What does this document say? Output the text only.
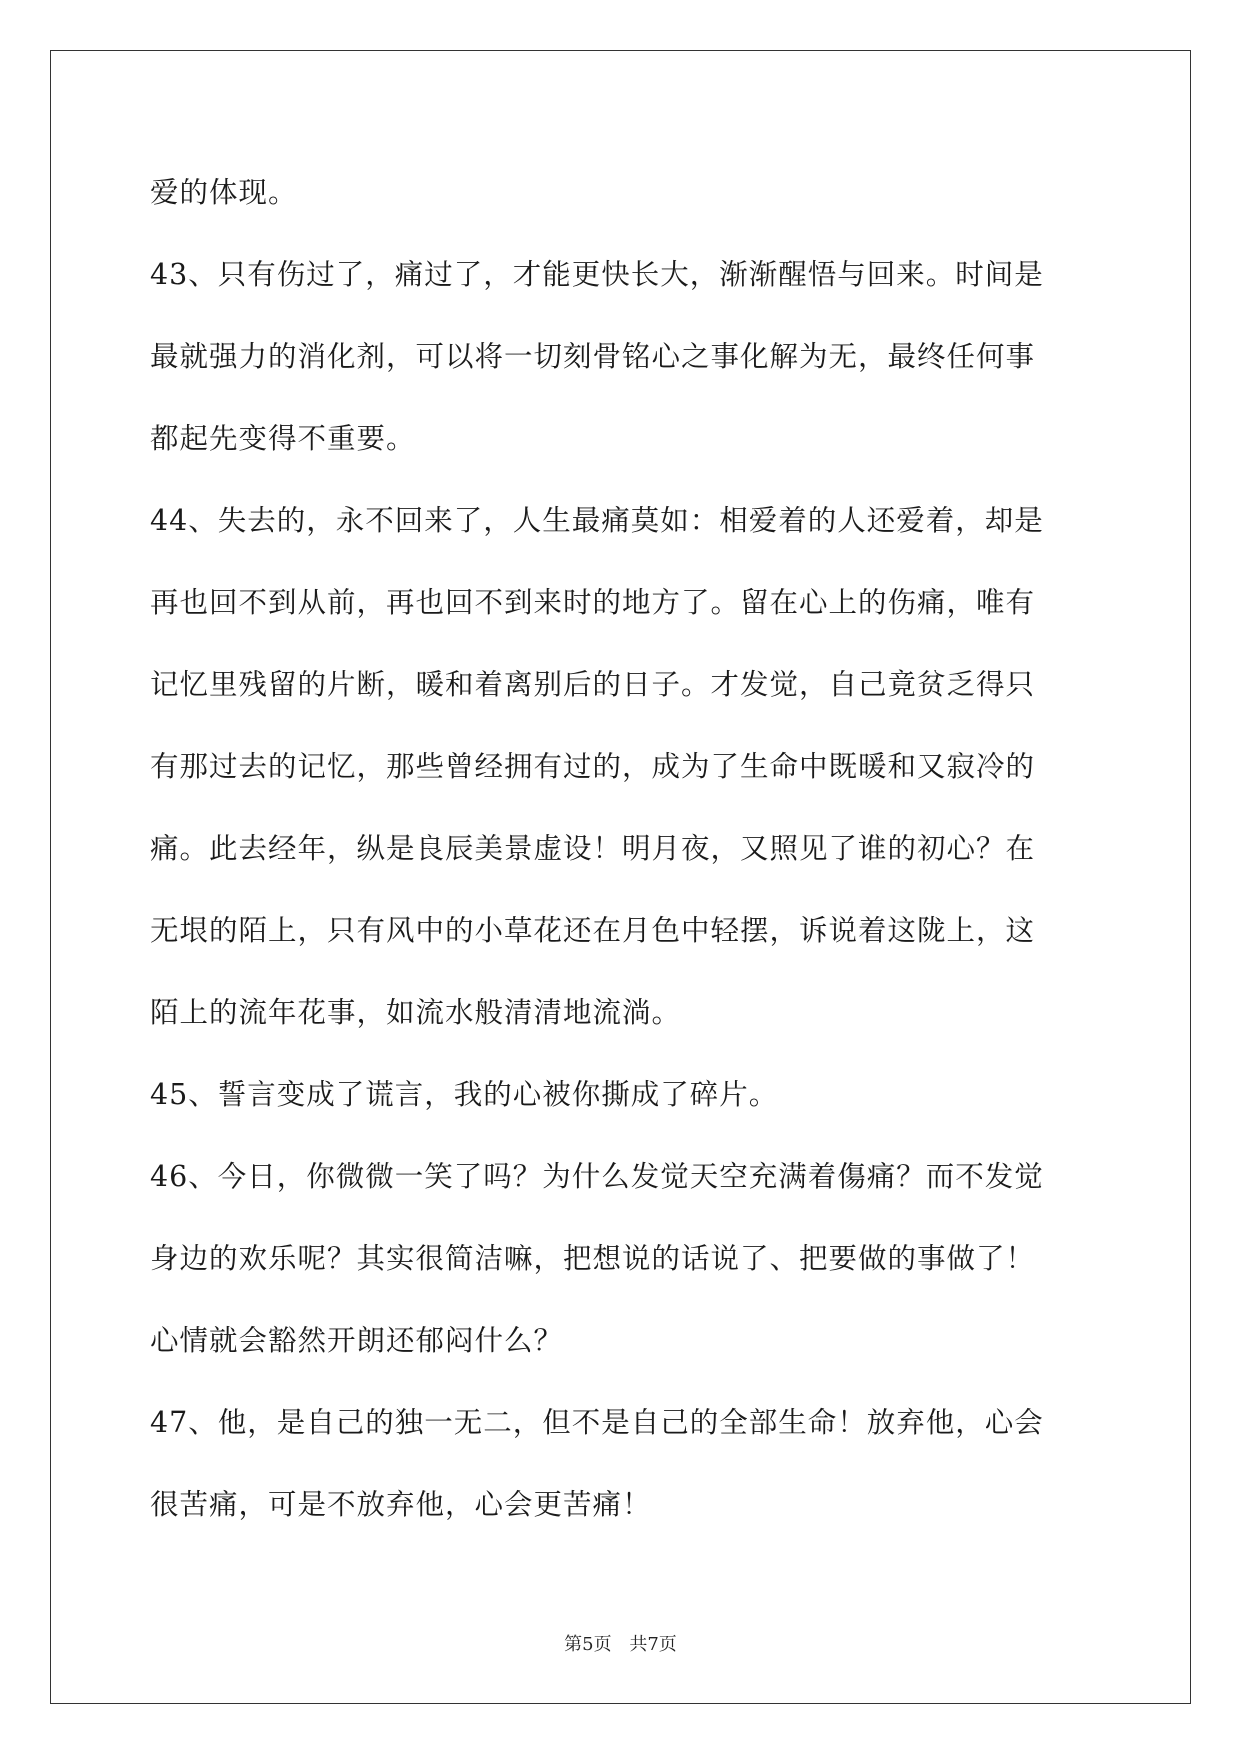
爱的体现。
43、只有伤过了，痛过了，才能更快长大，渐渐醒悟与回来。时间是
最就强力的消化剂，可以将一切刻骨铭心之事化解为无，最终任何事
都起先变得不重要。
44、失去的，永不回来了，人生最痛莫如：相爱着的人还爱着，却是
再也回不到从前，再也回不到来时的地方了。留在心上的伤痛，唯有
记忆里残留的片断，暖和着离别后的日子。才发觉，自己竟贫乏得只
有那过去的记忆，那些曾经拥有过的，成为了生命中既暖和又寂冷的
痛。此去经年，纵是良辰美景虚设！明月夜，又照见了谁的初心？在
无垠的陌上，只有风中的小草花还在月色中轻摆，诉说着这陇上，这
陌上的流年花事，如流水般清清地流淌。
45、誓言变成了谎言，我的心被你撕成了碎片。
46、今日，你微微一笑了吗？为什么发觉天空充满着傷痛？而不发觉
身边的欢乐呢？其实很简洁嘛，把想说的话说了、把要做的事做了！
心情就会豁然开朗还郁闷什么？
47、他，是自己的独一无二，但不是自己的全部生命！放弃他，心会
很苦痛，可是不放弃他，心会更苦痛！
第5页 共7页
